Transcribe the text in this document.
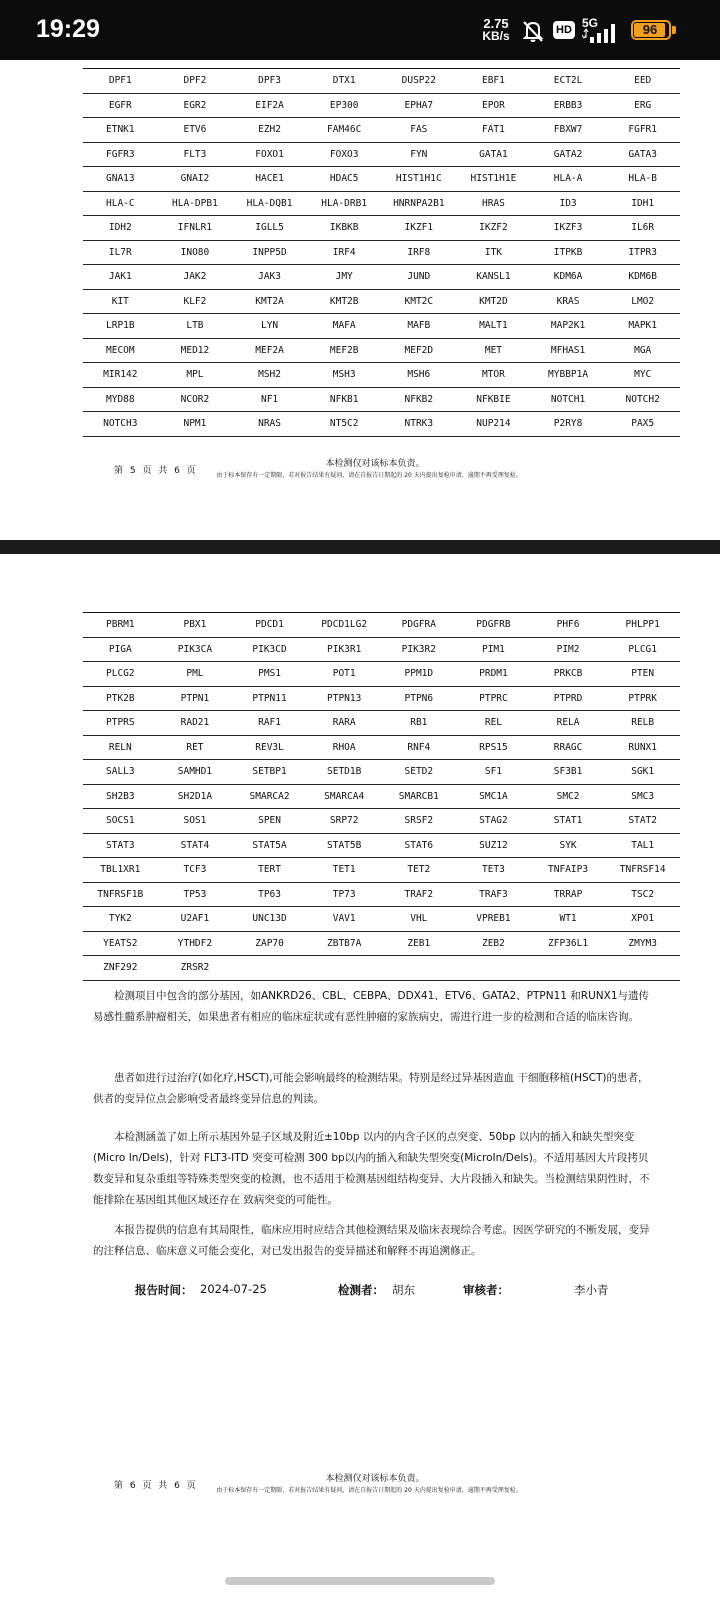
19:29	2.75
KB/s	HD 5G	96
DPF1	DPF2	DPF3	DTX1	DUSP22	EBF1	ECT2L	EED
EGFR	EGR2	EIF2A	EP300	EPHA7	EPOR	ERBB3	ERG
ETNK1	ETV6	EZH2	FAM46C	FAS	FAT1	FBXW7	FGFR1
FGFR3	FLT3	FOXO1	FOXO3	FYN	GATA1	GATA2	GATA3
GNA13	GNAI2	HACE1	HDAC5	HIST1H1C	HIST1H1E	HLA-A	HLA-B
HLA-C	HLA-DPB1	HLA-DQB1	HLA-DRB1	HNRNPA2B1	HRAS	ID3	IDH1
IDH2	IFNLR1	IGLL5	IKBKB	IKZF1	IKZF2	IKZF3	IL6R
IL7R	INO80	INPP5D	IRF4	IRF8	ITK	ITPKB	ITPR3
JAK1	JAK2	JAK3	JMY	JUND	KANSL1	KDM6A	KDM6B
KIT	KLF2	KMT2A	KMT2B	KMT2C	KMT2D	KRAS	LMO2
LRP1B	LTB	LYN	MAFA	MAFB	MALT1	MAP2K1	MAPK1
MECOM	MED12	MEF2A	MEF2B	MEF2D	MET	MFHAS1	MGA
MIR142	MPL	MSH2	MSH3	MSH6	MTOR	MYBBP1A	MYC
MYD88	NCOR2	NF1	NFKB1	NFKB2	NFKBIE	NOTCH1	NOTCH2
NOTCH3	NPM1	NRAS	NT5C2	NTRK3	NUP214	P2RY8	PAX5
第 5 页 共 6 页
本检测仅对该标本负责。
由于标本保存有一定期限，若对报告结果有疑问，请在自报告日期起的 20 天内提出复检申请，逾期不再受理复检。
PBRM1	PBX1	PDCD1	PDCD1LG2	PDGFRA	PDGFRB	PHF6	PHLPP1
PIGA	PIK3CA	PIK3CD	PIK3R1	PIK3R2	PIM1	PIM2	PLCG1
PLCG2	PML	PMS1	POT1	PPM1D	PRDM1	PRKCB	PTEN
PTK2B	PTPN1	PTPN11	PTPN13	PTPN6	PTPRC	PTPRD	PTPRK
PTPRS	RAD21	RAF1	RARA	RB1	REL	RELA	RELB
RELN	RET	REV3L	RHOA	RNF4	RPS15	RRAGC	RUNX1
SALL3	SAMHD1	SETBP1	SETD1B	SETD2	SF1	SF3B1	SGK1
SH2B3	SH2D1A	SMARCA2	SMARCA4	SMARCB1	SMC1A	SMC2	SMC3
SOCS1	SOS1	SPEN	SRP72	SRSF2	STAG2	STAT1	STAT2
STAT3	STAT4	STAT5A	STAT5B	STAT6	SUZ12	SYK	TAL1
TBL1XR1	TCF3	TERT	TET1	TET2	TET3	TNFAIP3	TNFRSF14
TNFRSF1B	TP53	TP63	TP73	TRAF2	TRAF3	TRRAP	TSC2
TYK2	U2AF1	UNC13D	VAV1	VHL	VPREB1	WT1	XPO1
YEATS2	YTHDF2	ZAP70	ZBTB7A	ZEB1	ZEB2	ZFP36L1	ZMYM3
ZNF292	ZRSR2						
检测项目中包含的部分基因，如ANKRD26、CBL、CEBPA、DDX41、ETV6、GATA2、PTPN11 和RUNX1与遗传易感性髓系肿瘤相关，如果患者有相应的临床症状或有恶性肿瘤的家族病史，需进行进一步的检测和合适的临床咨询。
患者如进行过治疗(如化疗,HSCT),可能会影响最终的检测结果。特别是经过异基因造血 干细胞移植(HSCT)的患者，供者的变异位点会影响受者最终变异信息的判读。
本检测涵盖了如上所示基因外显子区域及附近±10bp 以内的内含子区的点突变、50bp 以内的插入和缺失型突变(Micro In/Dels)，针对 FLT3-ITD 突变可检测 300 bp以内的插入和缺失型突变(MicroIn/Dels)。不适用基因大片段拷贝数变异和复杂重组等特殊类型突变的检测，也不适用于检测基因组结构变异、大片段插入和缺失。当检测结果阴性时，不能排除在基因组其他区域还存在 致病突变的可能性。
本报告提供的信息有其局限性，临床应用时应结合其他检测结果及临床表现综合考虑。因医学研究的不断发展，变异的注释信息、临床意义可能会变化，对已发出报告的变异描述和解释不再追溯修正。
报告时间： 2024-07-25	检测者： 胡东	审核者：	李小青
第 6 页 共 6 页
本检测仅对该标本负责。
由于标本保存有一定期限，若对报告结果有疑问，请在自报告日期起的 20 天内提出复检申请，逾期不再受理复检。
